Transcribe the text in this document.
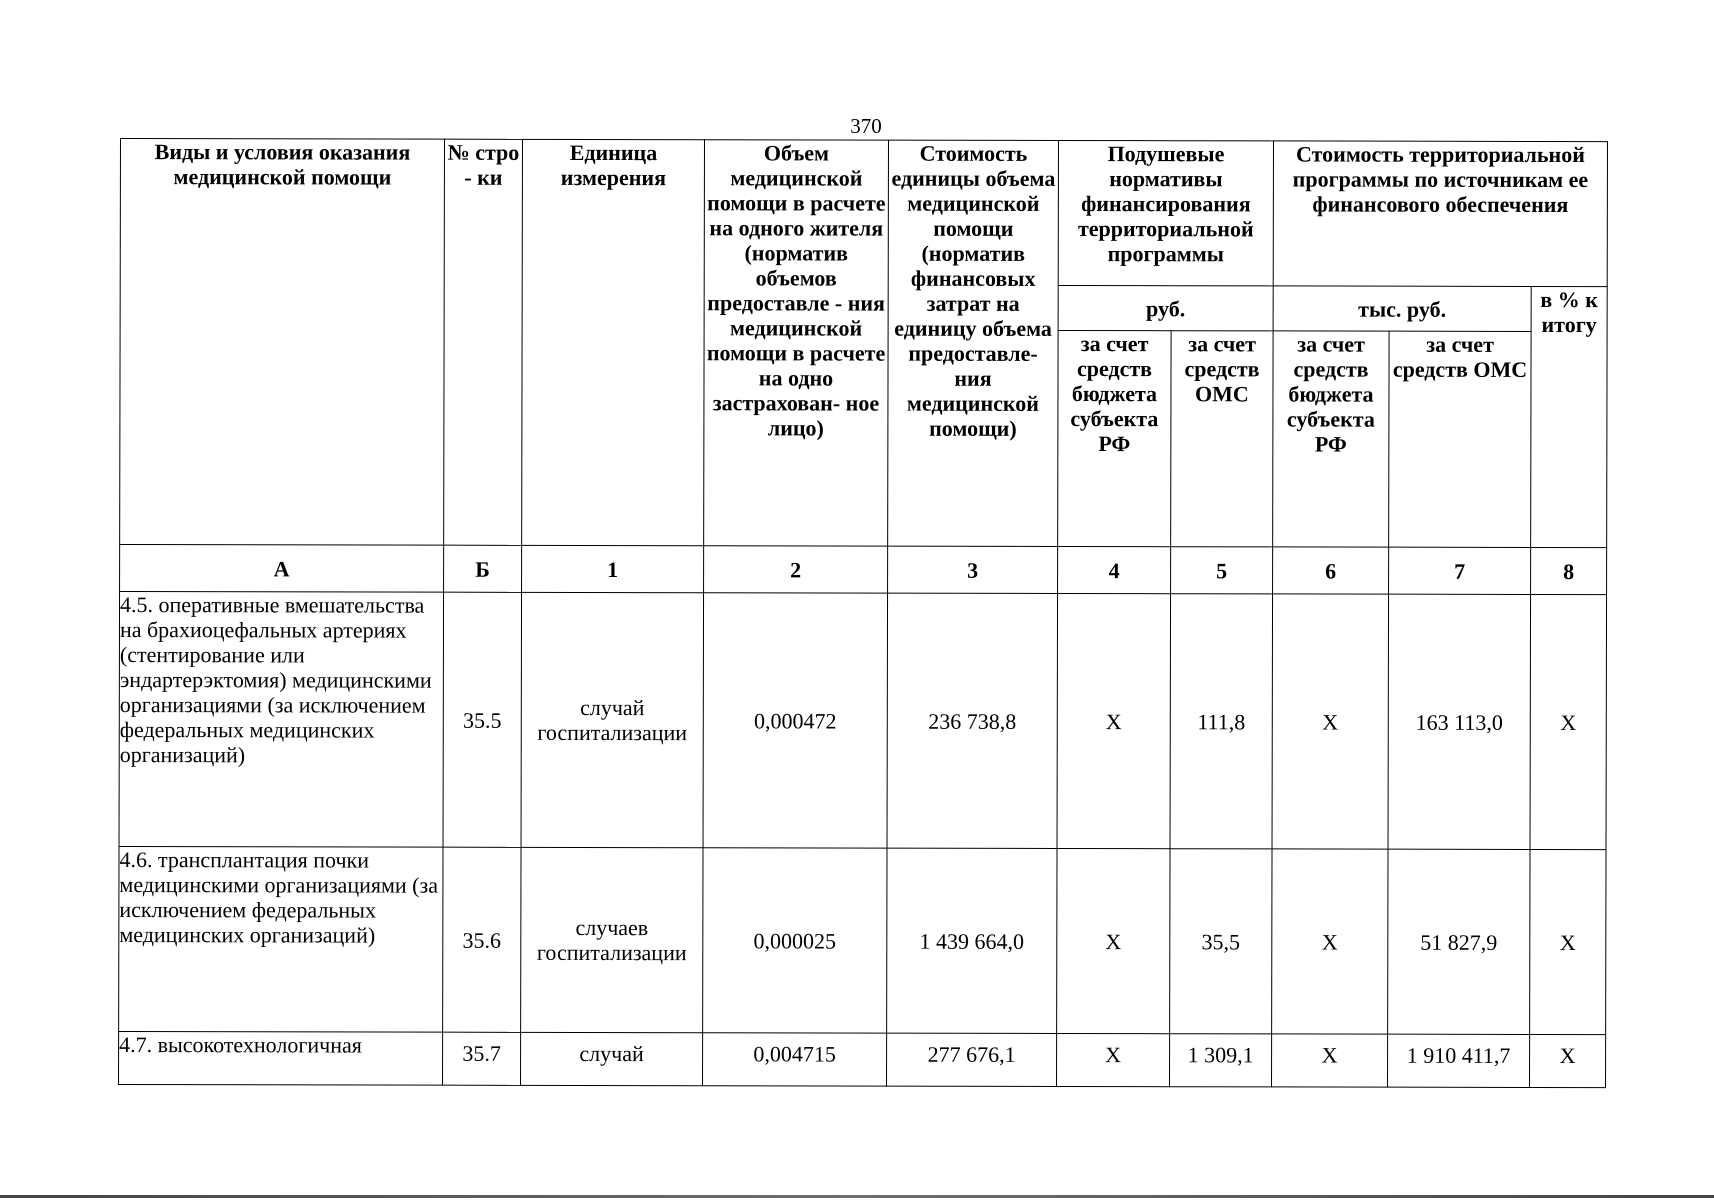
370
Виды и условия оказания медицинской помощи	№ стро - ки	Единица измерения	Объем медицинской помощи в расчете на одного жителя (норматив объемов предоставле - ния медицинской помощи в расчете на одно застрахован- ное лицо)	Стоимость единицы объема медицинской помощи (норматив финансовых затрат на единицу объема предоставле- ния медицинской помощи)	Подушевые нормативы финансирования территориальной программы		Стоимость территориальной программы по источникам ее финансового обеспечения		
					руб.		тыс. руб.		в % к итогу
					за счет средств бюджета субъекта РФ	за счет средств ОМС	за счет средств бюджета субъекта РФ	за счет средств ОМС	
А	Б	1	2	3	4	5	6	7	8
4.5. оперативные вмешательства на брахиоцефальных артериях (стентирование или эндартерэктомия) медицинскими организациями (за исключением федеральных медицинских организаций)	35.5	случай госпитализации	0,000472	236 738,8	Х	111,8	Х	163 113,0	Х
4.6. трансплантация почки медицинскими организациями (за исключением федеральных медицинских организаций)	35.6	случаев госпитализации	0,000025	1 439 664,0	Х	35,5	Х	51 827,9	Х
4.7. высокотехнологичная	35.7	случай	0,004715	277 676,1	Х	1 309,1	Х	1 910 411,7	Х
